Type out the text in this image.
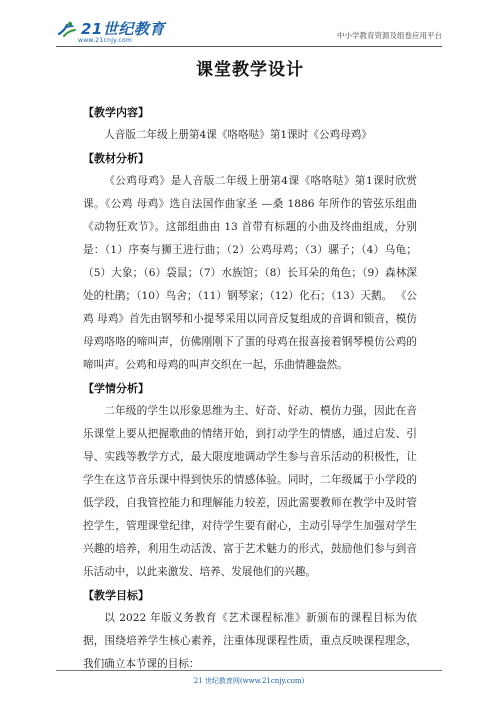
21世纪教育
www.21cnjy.com
中小学教育资源及组卷应用平台
课堂教学设计
【教学内容】

人音版二年级上册第4课《咯咯哒》第1课时《公鸡母鸡》

【教材分析】

《公鸡母鸡》是人音版二年级上册第4课《咯咯哒》第1课时欣赏课。《公鸡 母鸡》选自法国作曲家圣 —桑 1886 年所作的管弦乐组曲《动物狂欢节》。这部组曲由 13 首带有标题的小曲及终曲组成，分别是：（1）序奏与狮王进行曲；（2）公鸡母鸡；（3）骡子；（4）乌龟；（5）大象；（6）袋鼠；（7）水族馆；（8）长耳朵的角色；（9）森林深处的杜鹃；（10）鸟舍；（11）钢琴家；（12）化石；（13）天鹅。 《公鸡 母鸡》首先由钢琴和小提琴采用以同音反复组成的音调和锁音，模仿母鸡咯咯的啼叫声，仿佛刚刚下了蛋的母鸡在报喜接着钢琴模仿公鸡的啼叫声。公鸡和母鸡的叫声交织在一起，乐曲情趣盎然。

【学情分析】

二年级的学生以形象思维为主、好奇、好动、模仿力强，因此在音乐课堂上要从把握歌曲的情绪开始，到打动学生的情感，通过启发、引导、实践等教学方式，最大限度地调动学生参与音乐活动的积极性，让学生在这节音乐课中得到快乐的情感体验。同时，二年级属于小学段的低学段，自我管控能力和理解能力较差，因此需要教师在教学中及时管控学生，管理课堂纪律，对待学生要有耐心，主动引导学生加强对学生兴趣的培养，利用生动活泼、富于艺术魅力的形式，鼓励他们参与到音乐活动中，以此来激发、培养、发展他们的兴趣。

【教学目标】

以 2022 年版义务教育《艺术课程标准》新颁布的课程目标为依据，围绕培养学生核心素养，注重体现课程性质，重点反映课程理念，我们确立本节课的目标：

21 世纪教育网(www.21cnjy.com)
